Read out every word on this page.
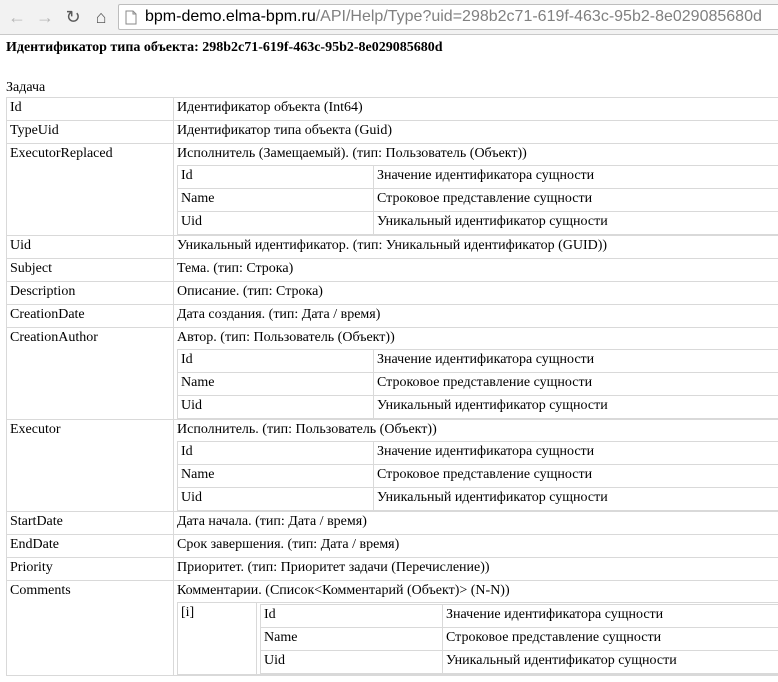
← → ↻ ⌂	bpm-demo.elma-bpm.ru/API/Help/Type?uid=298b2c71-619f-463c-95b2-8e029085680d
Идентификатор типа объекта: 298b2c71-619f-463c-95b2-8e029085680d
Задача
Id	Идентификатор объекта (Int64)
TypeUid	Идентификатор типа объекта (Guid)
ExecutorReplaced	Исполнитель (Замещаемый). (тип: Пользователь (Объект))
Id	Значение идентификатора сущности
Name	Строковое представление сущности
Uid	Уникальный идентификатор сущности

Uid	Уникальный идентификатор. (тип: Уникальный идентификатор (GUID))
Subject	Тема. (тип: Строка)
Description	Описание. (тип: Строка)
CreationDate	Дата создания. (тип: Дата / время)
CreationAuthor	Автор. (тип: Пользователь (Объект))
Id	Значение идентификатора сущности
Name	Строковое представление сущности
Uid	Уникальный идентификатор сущности

Executor	Исполнитель. (тип: Пользователь (Объект))
Id	Значение идентификатора сущности
Name	Строковое представление сущности
Uid	Уникальный идентификатор сущности

StartDate	Дата начала. (тип: Дата / время)
EndDate	Срок завершения. (тип: Дата / время)
Priority	Приоритет. (тип: Приоритет задачи (Перечисление))
Comments	Комментарии. (Список<Комментарий (Объект)> (N-N))
[i]		Id	Значение идентификатора сущности
Name	Строковое представление сущности
Uid	Уникальный идентификатор сущности
